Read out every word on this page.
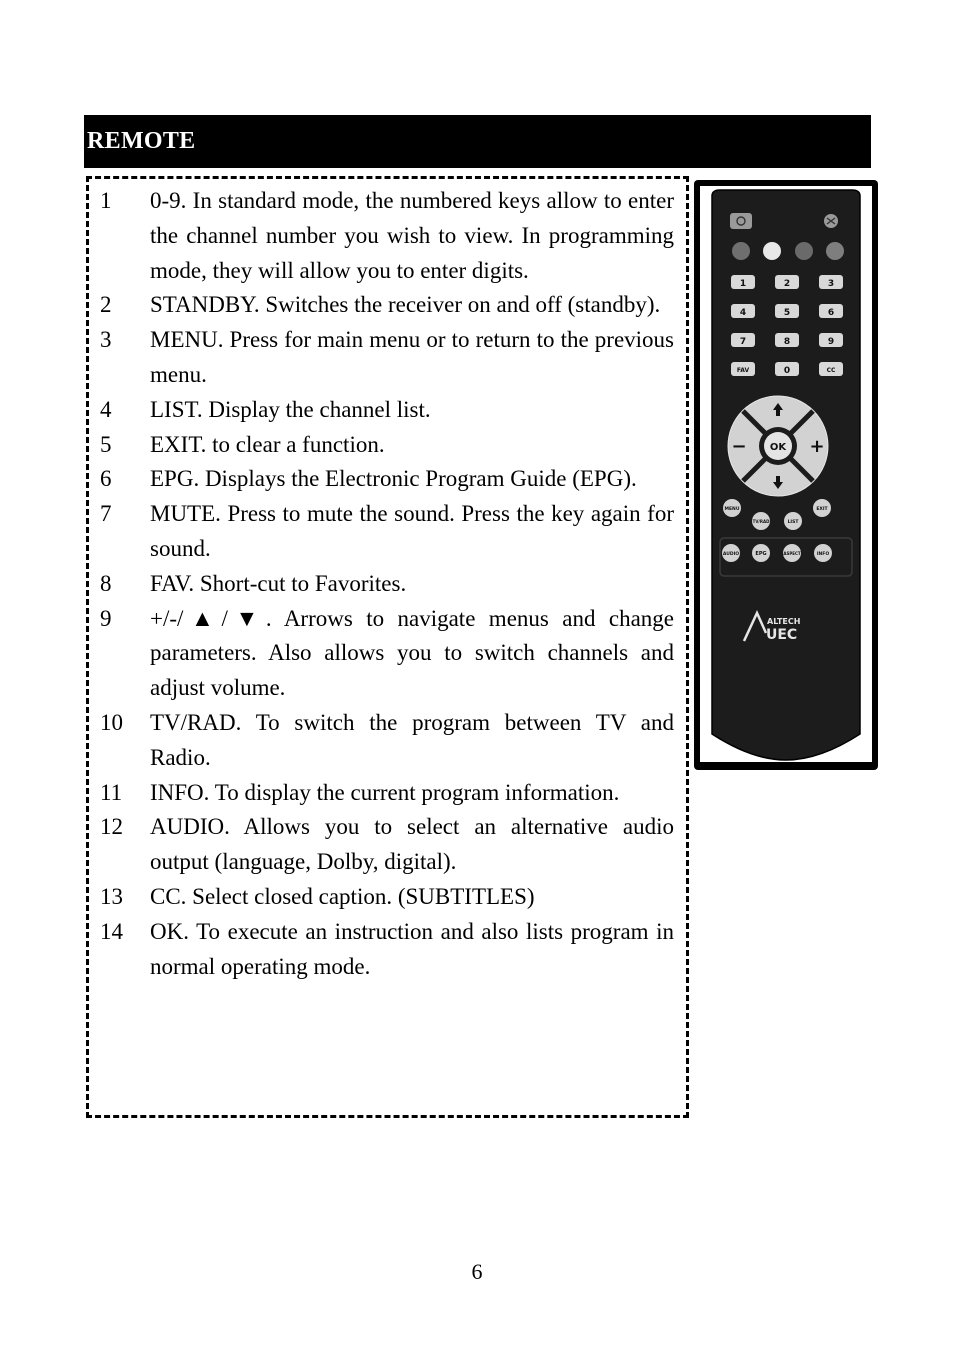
REMOTE
1	0-9. In standard mode, the numbered keys allow to enter the channel number you wish to view. In programming mode, they will allow you to enter digits.
2	STANDBY. Switches the receiver on and off (standby).
3	MENU. Press for main menu or to return to the previous menu.
4	LIST. Display the channel list.
5	EXIT. to clear a function.
6	EPG. Displays the Electronic Program Guide (EPG).
7	MUTE. Press to mute the sound. Press the key again for sound.
8	FAV. Short-cut to Favorites.
9	+/-/▲/▼. Arrows to navigate menus and change parameters. Also allows you to switch channels and adjust volume.
10	TV/RAD. To switch the program between TV and Radio.
11	INFO. To display the current program information.
12	AUDIO. Allows you to select an alternative audio output (language, Dolby, digital).
13	CC. Select closed caption. (SUBTITLES)
14	OK. To execute an instruction and also lists program in normal operating mode.
1	2	3
4	5	6
7	8	9
FAV	0	CC
OK +
−
MENU
TV/RAD	LIST
EXIT
AUDIO	EPG	ASPECT	INFO
ALTECH
UEC
6
